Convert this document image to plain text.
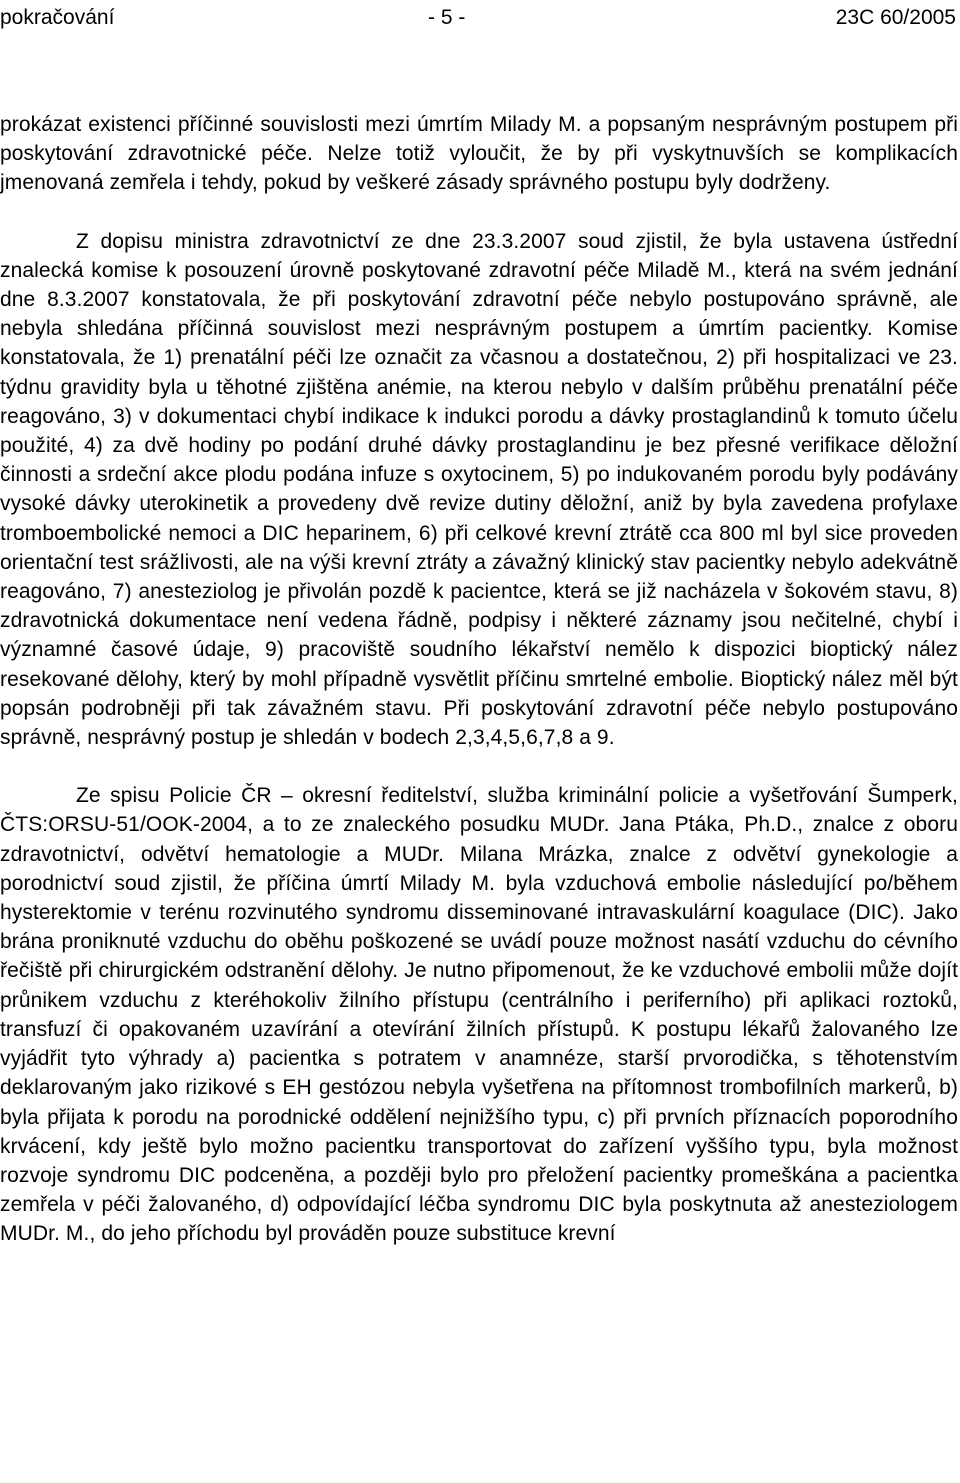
pokračování	- 5 -	23C 60/2005

prokázat existenci příčinné souvislosti mezi úmrtím Milady M. a popsaným nesprávným postupem při poskytování zdravotnické péče. Nelze totiž vyloučit, že by při vyskytnuvších se komplikacích jmenovaná zemřela i tehdy, pokud by veškeré zásady správného postupu byly dodrženy.

Z dopisu ministra zdravotnictví ze dne 23.3.2007 soud zjistil, že byla ustavena ústřední znalecká komise k posouzení úrovně poskytované zdravotní péče Miladě M., která na svém jednání dne 8.3.2007 konstatovala, že při poskytování zdravotní péče nebylo postupováno správně, ale nebyla shledána příčinná souvislost mezi nesprávným postupem a úmrtím pacientky. Komise konstatovala, že 1) prenatální péči lze označit za včasnou a dostatečnou, 2) při hospitalizaci ve 23. týdnu gravidity byla u těhotné zjištěna anémie, na kterou nebylo v dalším průběhu prenatální péče reagováno, 3) v dokumentaci chybí indikace k indukci porodu a dávky prostaglandinů k tomuto účelu použité, 4) za dvě hodiny po podání druhé dávky prostaglandinu je bez přesné verifikace děložní činnosti a srdeční akce plodu podána infuze s oxytocinem, 5) po indukovaném porodu byly podávány vysoké dávky uterokinetik a provedeny dvě revize dutiny děložní, aniž by byla zavedena profylaxe tromboembolické nemoci a DIC heparinem, 6) při celkové krevní ztrátě cca 800 ml byl sice proveden orientační test srážlivosti, ale na výši krevní ztráty a závažný klinický stav pacientky nebylo adekvátně reagováno, 7) anesteziolog je přivolán pozdě k pacientce, která se již nacházela v šokovém stavu, 8) zdravotnická dokumentace není vedena řádně, podpisy i některé záznamy jsou nečitelné, chybí i významné časové údaje, 9) pracoviště soudního lékařství nemělo k dispozici bioptický nález resekované dělohy, který by mohl případně vysvětlit příčinu smrtelné embolie. Bioptický nález měl být popsán podrobněji při tak závažném stavu. Při poskytování zdravotní péče nebylo postupováno správně, nesprávný postup je shledán v bodech 2,3,4,5,6,7,8 a 9.

Ze spisu Policie ČR – okresní ředitelství, služba kriminální policie a vyšetřování Šumperk, ČTS:ORSU-51/OOK-2004, a to ze znaleckého posudku MUDr. Jana Ptáka, Ph.D., znalce z oboru zdravotnictví, odvětví hematologie a MUDr. Milana Mrázka, znalce z odvětví gynekologie a porodnictví soud zjistil, že příčina úmrtí Milady M. byla vzduchová embolie následující po/během hysterektomie v terénu rozvinutého syndromu disseminované intravaskulární koagulace (DIC). Jako brána proniknuté vzduchu do oběhu poškozené se uvádí pouze možnost nasátí vzduchu do cévního řečiště při chirurgickém odstranění dělohy. Je nutno připomenout, že ke vzduchové embolii může dojít průnikem vzduchu z kteréhokoliv žilního přístupu (centrálního i periferního) při aplikaci roztoků, transfuzí či opakovaném uzavírání a otevírání žilních přístupů. K postupu lékařů žalovaného lze vyjádřit tyto výhrady a) pacientka s potratem v anamnéze, starší prvorodička, s těhotenstvím deklarovaným jako rizikové s EH gestózou nebyla vyšetřena na přítomnost trombofilních markerů, b) byla přijata k porodu na porodnické oddělení nejnižšího typu, c) při prvních příznacích poporodního krvácení, kdy ještě bylo možno pacientku transportovat do zařízení vyššího typu, byla možnost rozvoje syndromu DIC podceněna, a později bylo pro přeložení pacientky promeškána a pacientka zemřela v péči žalovaného, d) odpovídající léčba syndromu DIC byla poskytnuta až anesteziologem MUDr. M., do jeho příchodu byl prováděn pouze substituce krevní
